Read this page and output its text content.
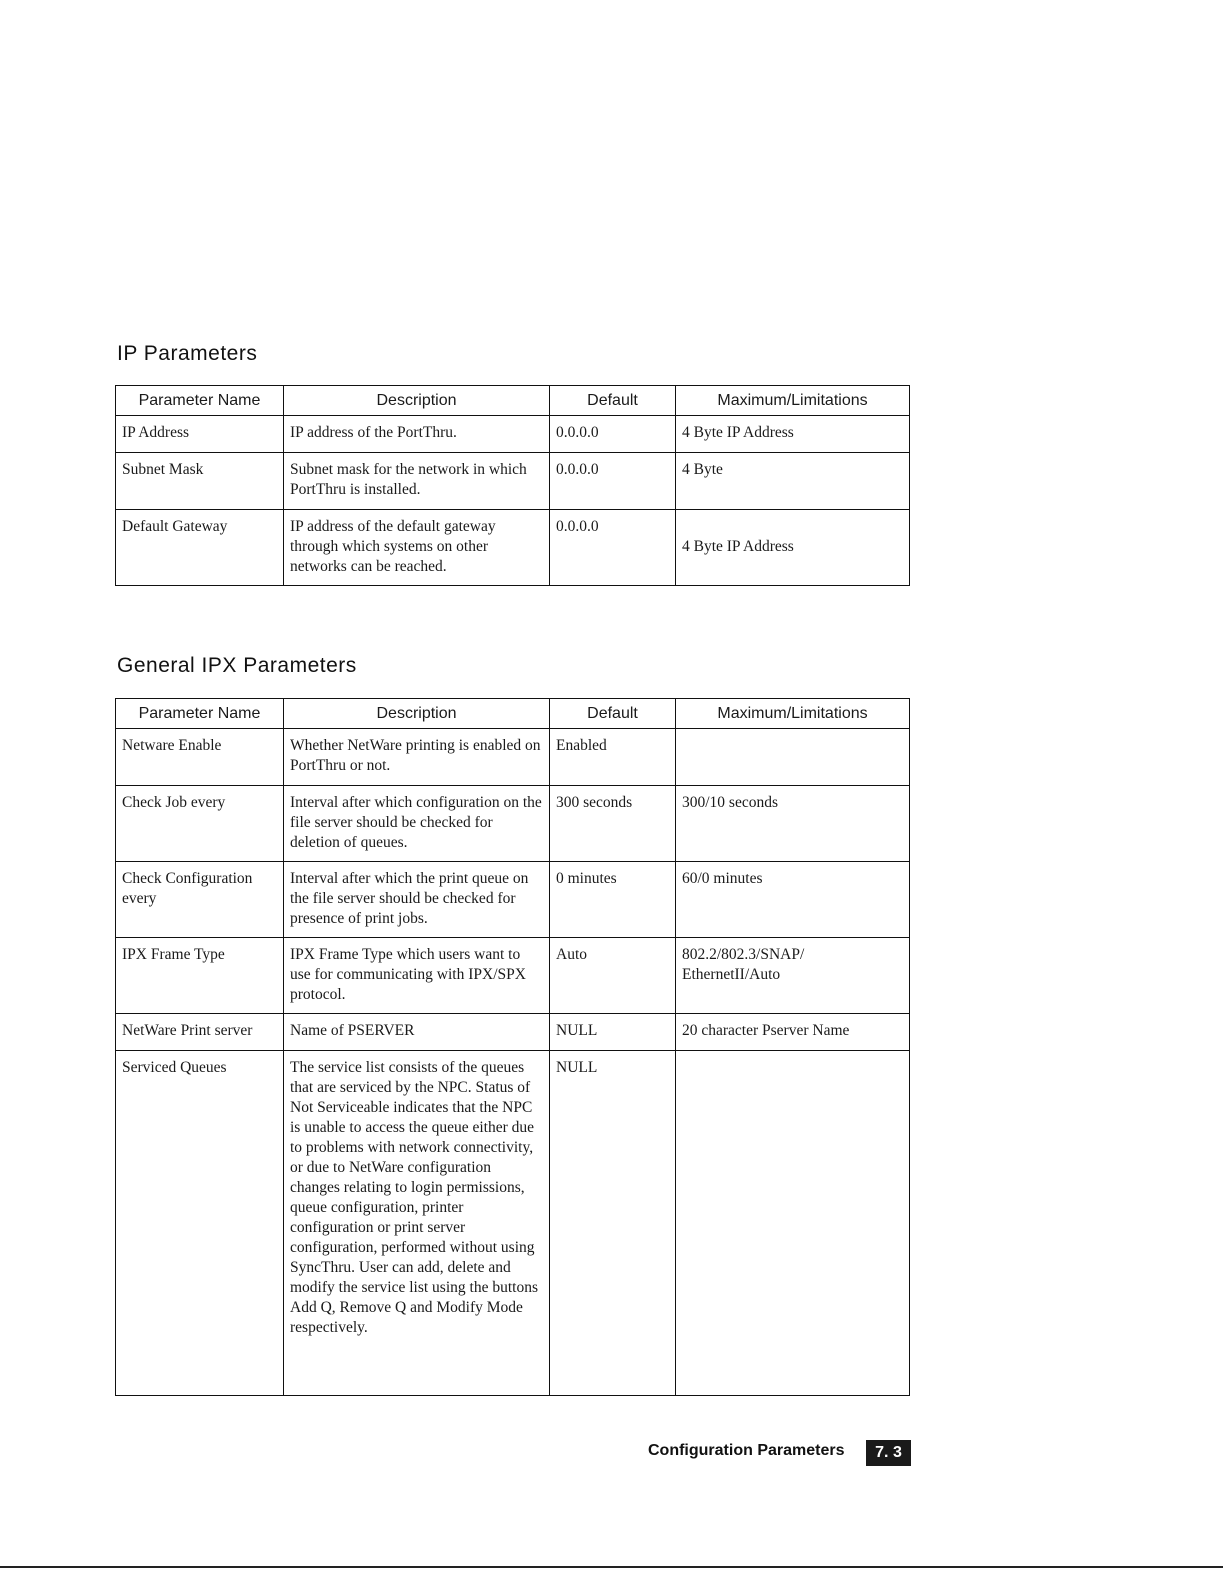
IP Parameters
Parameter Name	Description	Default	Maximum/Limitations
IP Address	IP address of the PortThru.	0.0.0.0	4 Byte IP Address
Subnet Mask	Subnet mask for the network in which PortThru is installed.	0.0.0.0	4 Byte
Default Gateway	IP address of the default gateway through which systems on other networks can be reached.	0.0.0.0	4 Byte IP Address
General IPX Parameters
Parameter Name	Description	Default	Maximum/Limitations
Netware Enable	Whether NetWare printing is enabled on PortThru or not.	Enabled	
Check Job every	Interval after which configuration on the file server should be checked for deletion of queues.	300 seconds	300/10 seconds
Check Configuration every	Interval after which the print queue on the file server should be checked for presence of print jobs.	0 minutes	60/0 minutes
IPX Frame Type	IPX Frame Type which users want to use for communicating with IPX/SPX protocol.	Auto	802.2/802.3/SNAP/ EthernetII/Auto
NetWare Print server	Name of PSERVER	NULL	20 character Pserver Name
Serviced Queues	The service list consists of the queues that are serviced by the NPC. Status of Not Serviceable indicates that the NPC is unable to access the queue either due to problems with network connectivity, or due to NetWare configuration changes relating to login permissions, queue configuration, printer configuration or print server configuration, performed without using SyncThru. User can add, delete and modify the service list using the buttons Add Q, Remove Q and Modify Mode respectively.	NULL	
Configuration Parameters	7. 3
